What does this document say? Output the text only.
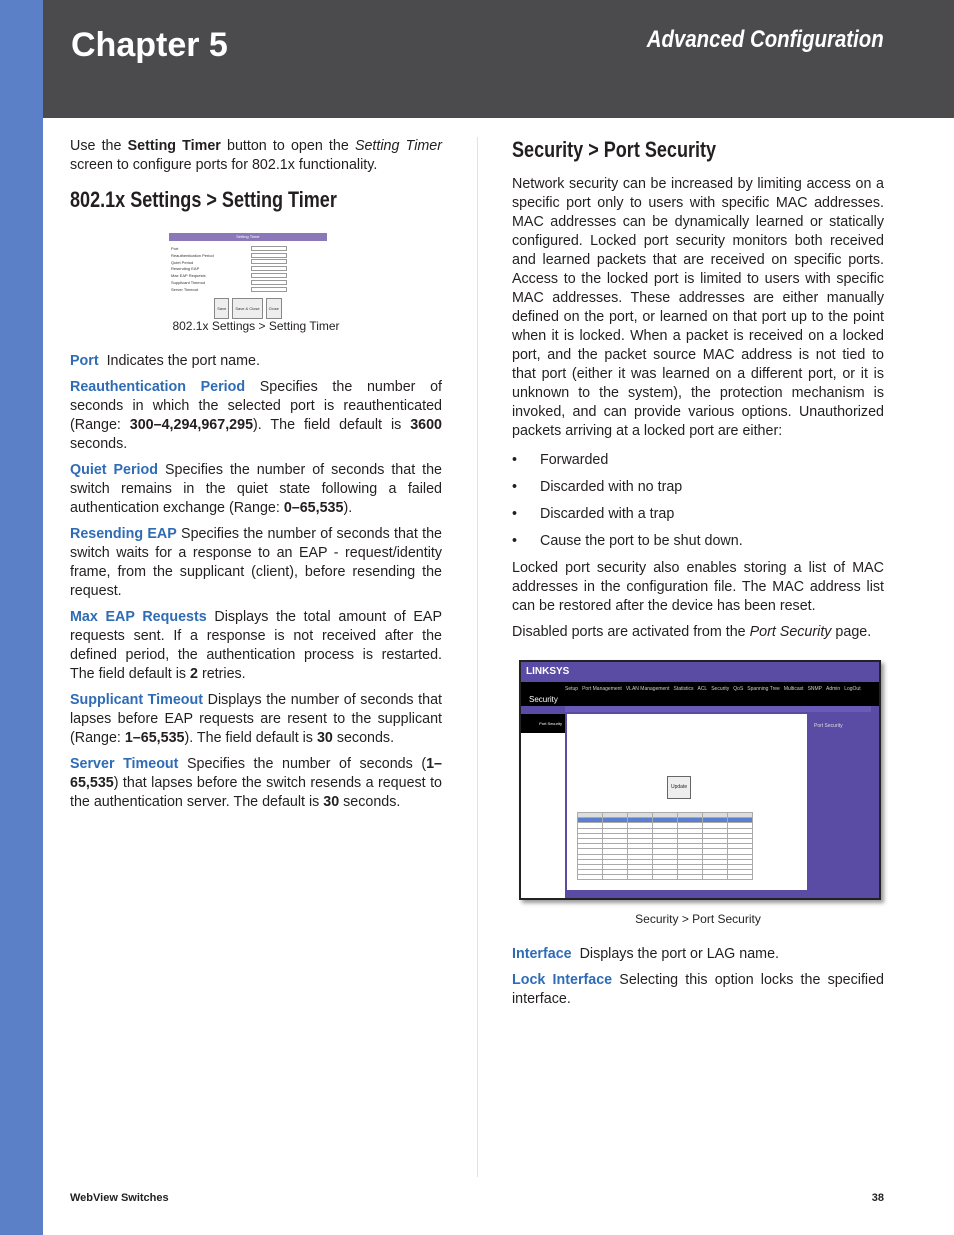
Chapter 5	Advanced Configuration

Use the Setting Timer button to open the Setting Timer screen to configure ports for 802.1x functionality.

802.1x Settings > Setting Timer
Setting Timer
Port
Reauthentication Period
Quiet Period
Resending EAP
Max EAP Requests
Supplicant Timeout
Server Timeout
Save	Save & Close	Close
802.1x Settings > Setting Timer

Port Indicates the port name.

Reauthentication Period Specifies the number of seconds in which the selected port is reauthenticated (Range: 300–4,294,967,295). The field default is 3600 seconds.

Quiet Period Specifies the number of seconds that the switch remains in the quiet state following a failed authentication exchange (Range: 0–65,535).

Resending EAP Specifies the number of seconds that the switch waits for a response to an EAP - request/identity frame, from the supplicant (client), before resending the request.

Max EAP Requests Displays the total amount of EAP requests sent. If a response is not received after the defined period, the authentication process is restarted. The field default is 2 retries.

Supplicant Timeout Displays the number of seconds that lapses before EAP requests are resent to the supplicant (Range: 1–65,535). The field default is 30 seconds.

Server Timeout Specifies the number of seconds (1–65,535) that lapses before the switch resends a request to the authentication server. The default is 30 seconds.

Security > Port Security

Network security can be increased by limiting access on a specific port only to users with specific MAC addresses. MAC addresses can be dynamically learned or statically configured. Locked port security monitors both received and learned packets that are received on specific ports. Access to the locked port is limited to users with specific MAC addresses. These addresses are either manually defined on the port, or learned on that port up to the point when it is locked. When a packet is received on a locked port, and the packet source MAC address is not tied to that port (either it was learned on a different port, or it is unknown to the system), the protection mechanism is invoked, and can provide various options. Unauthorized packets arriving at a locked port are either:

• Forwarded
• Discarded with no trap
• Discarded with a trap
• Cause the port to be shut down.

Locked port security also enables storing a list of MAC addresses in the configuration file. The MAC address list can be restored after the device has been reset.

Disabled ports are activated from the Port Security page.

LINKSYS
Security
Setup Port Management VLAN Management Statistics ACL Security QoS Spanning Tree Multicast SNMP Admin LogOut
Port Security
Update

Port Security
Security > Port Security

Interface Displays the port or LAG name.

Lock Interface Selecting this option locks the specified interface.

WebView Switches	38
